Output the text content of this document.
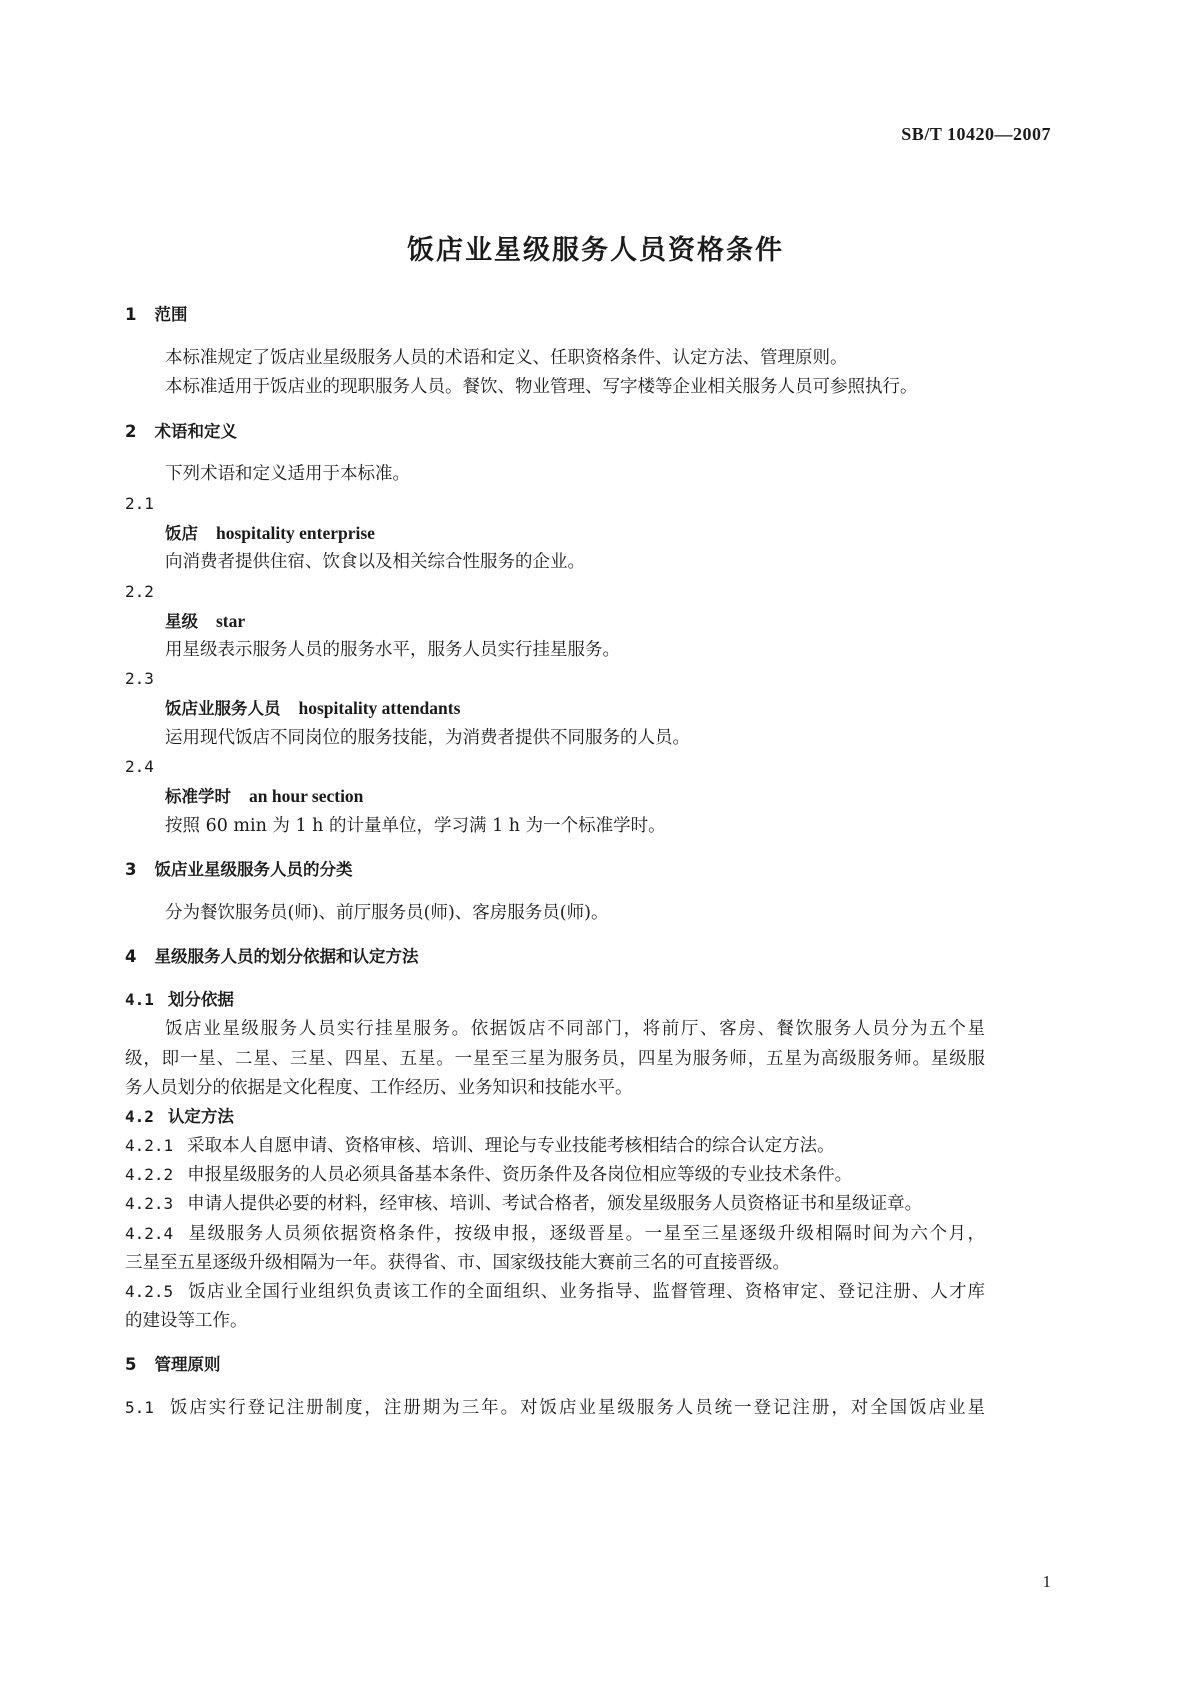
SB/T 10420—2007
饭店业星级服务人员资格条件
1 范围
本标准规定了饭店业星级服务人员的术语和定义、任职资格条件、认定方法、管理原则。
本标准适用于饭店业的现职服务人员。餐饮、物业管理、写字楼等企业相关服务人员可参照执行。
2 术语和定义
下列术语和定义适用于本标准。
2.1
饭店 hospitality enterprise
向消费者提供住宿、饮食以及相关综合性服务的企业。
2.2
星级 star
用星级表示服务人员的服务水平，服务人员实行挂星服务。
2.3
饭店业服务人员 hospitality attendants
运用现代饭店不同岗位的服务技能，为消费者提供不同服务的人员。
2.4
标准学时 an hour section
按照 60 min 为 1 h 的计量单位，学习满 1 h 为一个标准学时。
3 饭店业星级服务人员的分类
分为餐饮服务员(师)、前厅服务员(师)、客房服务员(师)。
4 星级服务人员的划分依据和认定方法
4.1 划分依据
饭店业星级服务人员实行挂星服务。依据饭店不同部门，将前厅、客房、餐饮服务人员分为五个星
级，即一星、二星、三星、四星、五星。一星至三星为服务员，四星为服务师，五星为高级服务师。星级服
务人员划分的依据是文化程度、工作经历、业务知识和技能水平。
4.2 认定方法
4.2.1 采取本人自愿申请、资格审核、培训、理论与专业技能考核相结合的综合认定方法。
4.2.2 申报星级服务的人员必须具备基本条件、资历条件及各岗位相应等级的专业技术条件。
4.2.3 申请人提供必要的材料，经审核、培训、考试合格者，颁发星级服务人员资格证书和星级证章。
4.2.4 星级服务人员须依据资格条件，按级申报，逐级晋星。一星至三星逐级升级相隔时间为六个月，
三星至五星逐级升级相隔为一年。获得省、市、国家级技能大赛前三名的可直接晋级。
4.2.5 饭店业全国行业组织负责该工作的全面组织、业务指导、监督管理、资格审定、登记注册、人才库
的建设等工作。
5 管理原则
5.1 饭店实行登记注册制度，注册期为三年。对饭店业星级服务人员统一登记注册，对全国饭店业星
1
